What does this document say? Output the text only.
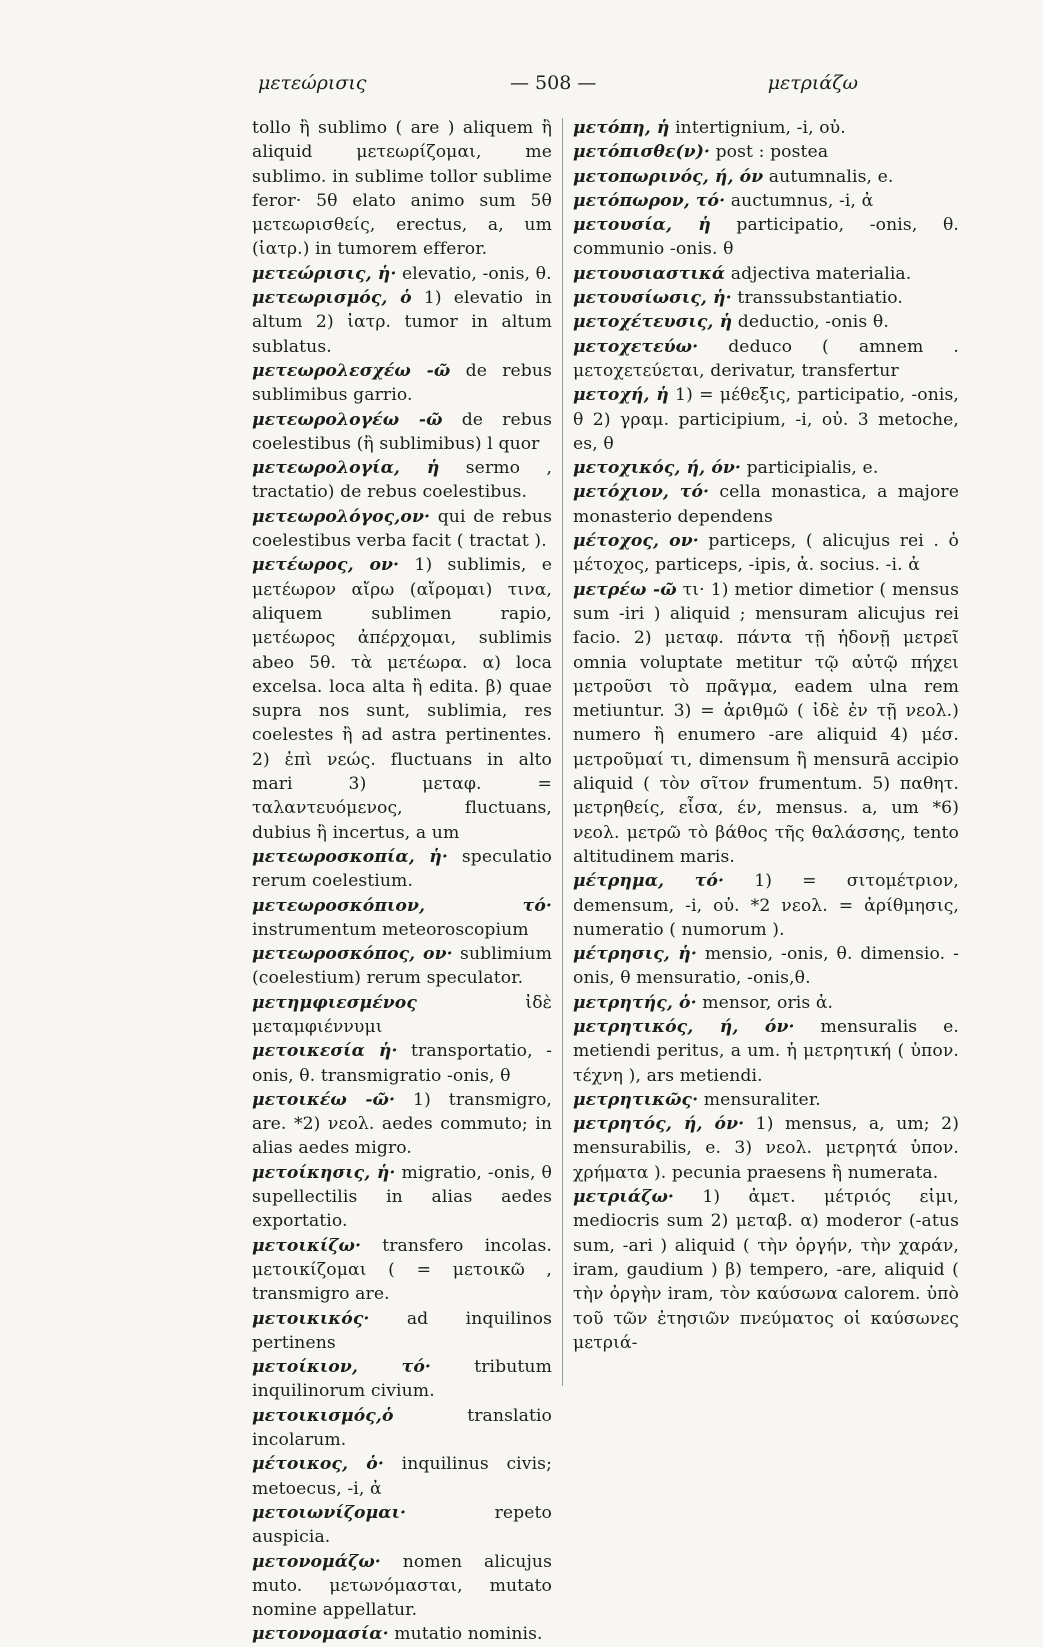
μετεώρισις	— 508 —	μετριάζω

tollo ἢ sublimo ( are ) aliquem ἢ aliquid μετεωρίζομαι, me sublimo. in sublime tollor sublime feror· 5θ elato animo sum 5θ μετεωρισθείς, erectus, a, um (ἰατρ.) in tumorem efferor.

μετεώρισις, ἡ· elevatio, -onis, θ.

μετεωρισμός, ὁ 1) elevatio in altum 2) ἰατρ. tumor in altum sublatus.

μετεωρολεσχέω -ῶ de rebus sublimibus garrio.

μετεωρολογέω -ῶ de rebus coelestibus (ἢ sublimibus) l quor

μετεωρολογία, ἡ sermo , tractatio) de rebus coelestibus.

μετεωρολόγος,ον· qui de rebus coelestibus verba facit ( tractat ).

μετέωρος, ον· 1) sublimis, e μετέωρον αἴρω (αἴρομαι) τινα, aliquem sublimen rapio, μετέωρος ἀπέρχομαι, sublimis abeo 5θ. τὰ μετέωρα. α) loca excelsa. loca alta ἢ edita. β) quae supra nos sunt, sublimia, res coelestes ἢ ad astra pertinentes. 2) ἐπὶ νεώς. fluctuans in alto mari 3) μεταφ. = ταλαντευόμενος, fluctuans, dubius ἢ incertus, a um

μετεωροσκοπία, ἡ· speculatio rerum coelestium.

μετεωροσκόπιον, τό· instrumentum meteoroscopium

μετεωροσκόπος, ον· sublimium (coelestium) rerum speculator.

μετημφιεσμένος ἰδὲ μεταμφιέννυμι

μετοικεσία ἡ· transportatio, -onis, θ. transmigratio -onis, θ

μετοικέω -ῶ· 1) transmigro, are. *2) νεολ. aedes commuto; in alias aedes migro.

μετοίκησις, ἡ· migratio, -onis, θ supellectilis in alias aedes exportatio.

μετοικίζω· transfero incolas. μετοικίζομαι ( = μετοικῶ , transmigro are.

μετοικικός· ad inquilinos pertinens

μετοίκιον, τό· tributum inquilinorum civium.

μετοικισμός,ὁ translatio incolarum.

μέτοικος, ὁ· inquilinus civis; metoecus, -i, ἀ

μετοιωνίζομαι· repeto auspicia.

μετονομάζω· nomen alicujus muto. μετωνόμασται, mutato nomine appellatur.

μετονομασία· mutatio nominis.

μετόπη, ἡ intertignium, -i, οὐ.

μετόπισθε(ν)· post : postea

μετοπωρινός, ή, όν autumnalis, e.

μετόπωρον, τό· auctumnus, -i, ἀ

μετουσία, ἡ participatio, -onis, θ. communio -onis. θ

μετουσιαστικά adjectiva materialia.

μετουσίωσις, ἡ· transsubstantiatio.

μετοχέτευσις, ἡ deductio, -onis θ.

μετοχετεύω· deduco ( amnem . μετοχετεύεται, derivatur, transfertur

μετοχή, ἡ 1) = μέθεξις, participatio, -onis, θ 2) γραμ. participium, -i, οὐ. 3 metoche, es, θ

μετοχικός, ή, όν· participialis, e.

μετόχιον, τό· cella monastica, a majore monasterio dependens

μέτοχος, ον· particeps, ( alicujus rei . ὁ μέτοχος, particeps, -ipis, ἀ. socius. -i. ἀ

μετρέω -ῶ τι· 1) metior dimetior ( mensus sum -iri ) aliquid ; mensuram alicujus rei facio. 2) μεταφ. πάντα τῇ ἡδονῇ μετρεῖ omnia voluptate metitur τῷ αὐτῷ πήχει μετροῦσι τὸ πρᾶγμα, eadem ulna rem metiuntur. 3) = ἀριθμῶ ( ἰδὲ ἐν τῇ νεολ.) numero ἢ enumero -are aliquid 4) μέσ. μετροῦμαί τι, dimensum ἢ mensurā accipio aliquid ( τὸν σῖτον frumentum. 5) παθητ. μετρηθείς, εἶσα, έν, mensus. a, um *6) νεολ. μετρῶ τὸ βάθος τῆς θαλάσσης, tento altitudinem maris.

μέτρημα, τό· 1) = σιτομέτριον, demensum, -i, οὐ. *2 νεολ. = ἀρίθμησις, numeratio ( numorum ).

μέτρησις, ἡ· mensio, -onis, θ. dimensio. -onis, θ mensuratio, -onis,θ.

μετρητής, ὁ· mensor, oris ἀ.

μετρητικός, ή, όν· mensuralis e. metiendi peritus, a um. ἡ μετρητική ( ὑπον. τέχνη ), ars metiendi.

μετρητικῶς· mensuraliter.

μετρητός, ή, όν· 1) mensus, a, um; 2) mensurabilis, e. 3) νεολ. μετρητά ὑπον. χρήματα ). pecunia praesens ἢ numerata.

μετριάζω· 1) ἀμετ. μέτριός εἰμι, mediocris sum 2) μεταβ. α) moderor (-atus sum, -ari ) aliquid ( τὴν ὀργήν, τὴν χαράν, iram, gaudium ) β) tempero, -are, aliquid ( τὴν ὀργὴν iram, τὸν καύσωνα calorem. ὑπὸ τοῦ τῶν ἐτησιῶν πνεύματος οἱ καύσωνες μετριά-
